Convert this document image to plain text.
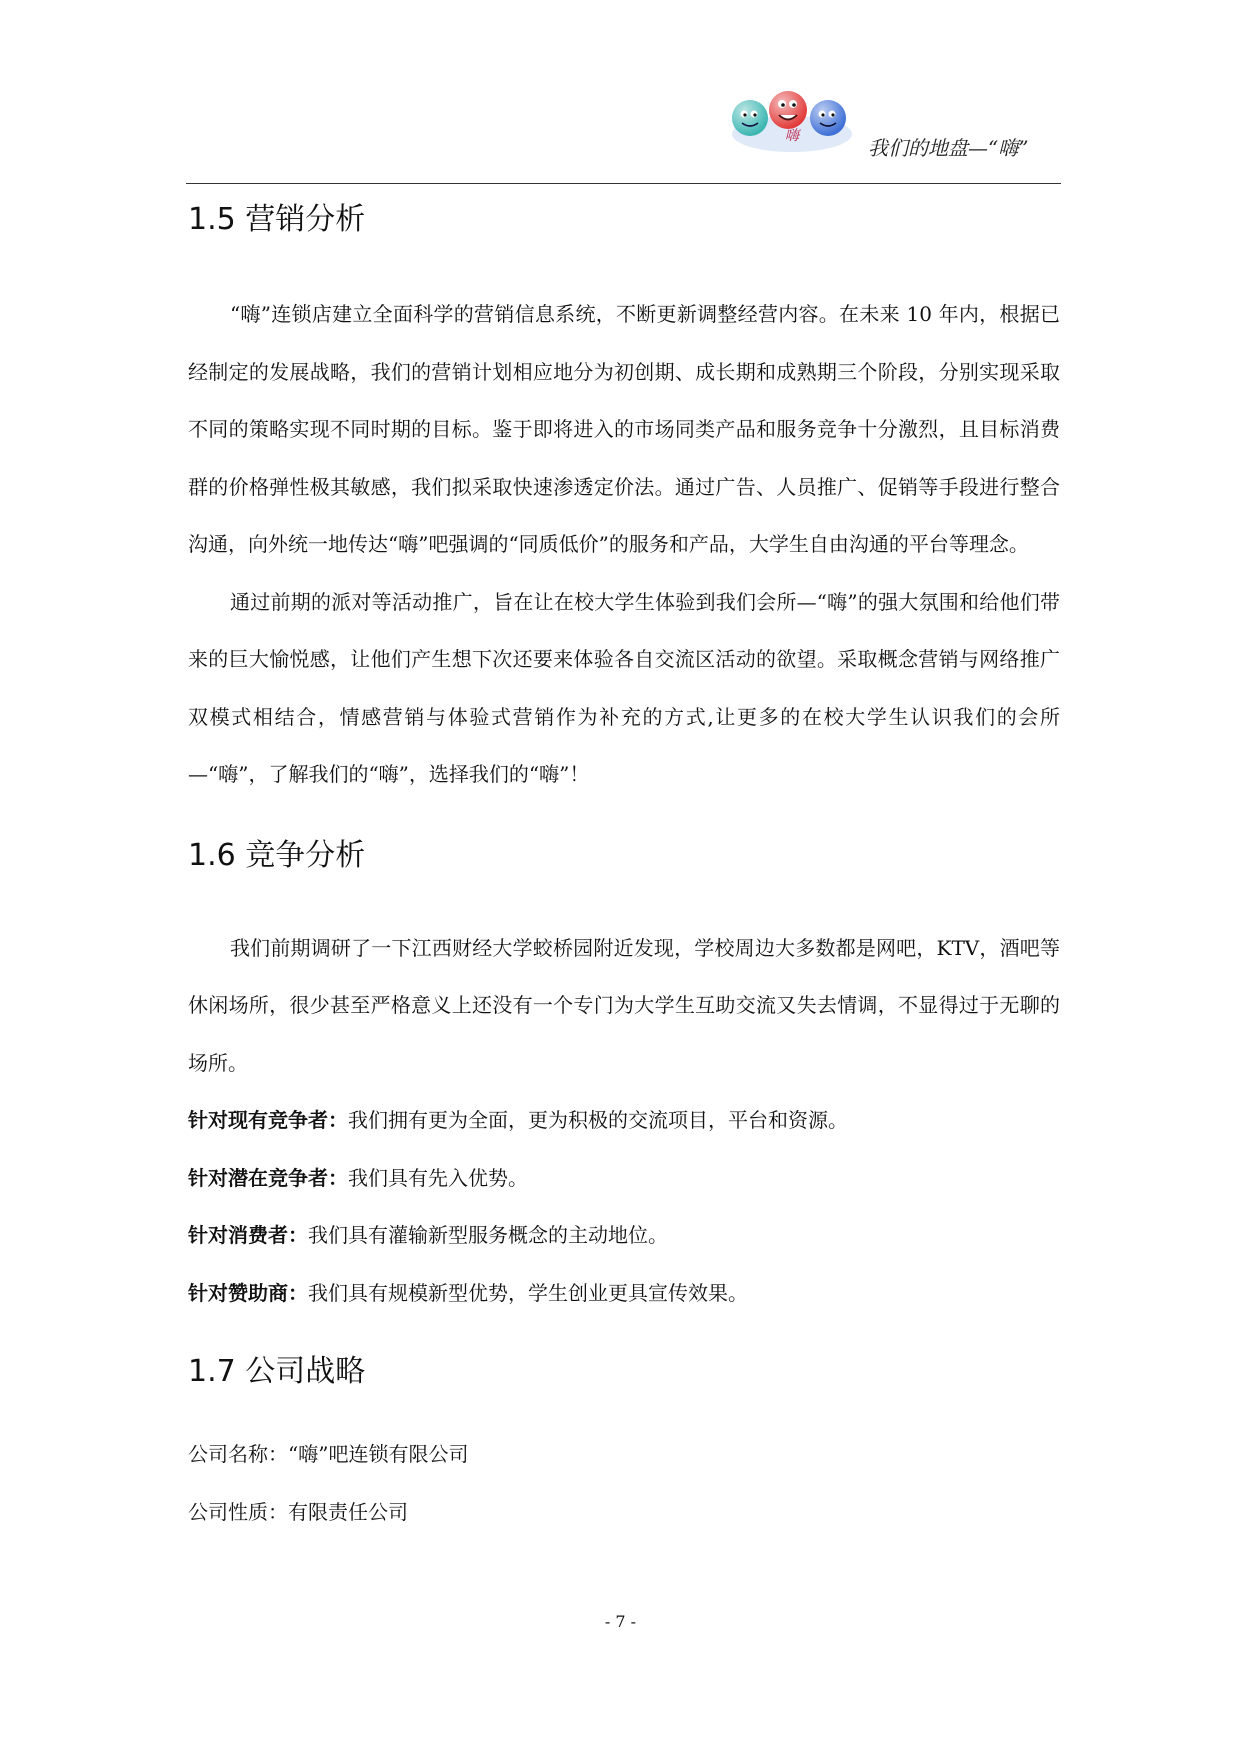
嗨	我们的地盘—“嗨”
1.5 营销分析

“嗨”连锁店建立全面科学的营销信息系统，不断更新调整经营内容。在未来 10 年内，根据已经制定的发展战略，我们的营销计划相应地分为初创期、成长期和成熟期三个阶段，分别实现采取不同的策略实现不同时期的目标。鉴于即将进入的市场同类产品和服务竞争十分激烈，且目标消费群的价格弹性极其敏感，我们拟采取快速渗透定价法。通过广告、人员推广、促销等手段进行整合沟通，向外统一地传达“嗨”吧强调的“同质低价”的服务和产品，大学生自由沟通的平台等理念。

通过前期的派对等活动推广，旨在让在校大学生体验到我们会所—“嗨”的强大氛围和给他们带来的巨大愉悦感，让他们产生想下次还要来体验各自交流区活动的欲望。采取概念营销与网络推广双模式相结合，情感营销与体验式营销作为补充的方式,让更多的在校大学生认识我们的会所—“嗨”，了解我们的“嗨”，选择我们的“嗨”！

1.6 竞争分析

我们前期调研了一下江西财经大学蛟桥园附近发现，学校周边大多数都是网吧，KTV，酒吧等休闲场所，很少甚至严格意义上还没有一个专门为大学生互助交流又失去情调，不显得过于无聊的场所。

针对现有竞争者：我们拥有更为全面，更为积极的交流项目，平台和资源。

针对潜在竞争者：我们具有先入优势。

针对消费者：我们具有灌输新型服务概念的主动地位。

针对赞助商：我们具有规模新型优势，学生创业更具宣传效果。

1.7 公司战略

公司名称：“嗨”吧连锁有限公司

公司性质：有限责任公司

- 7 -
